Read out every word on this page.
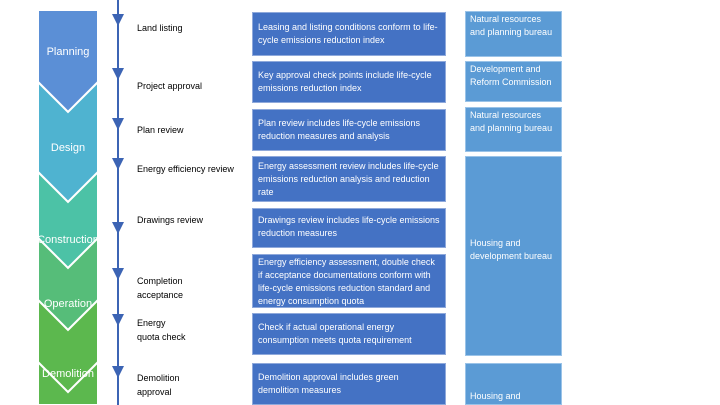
Planning
Design
Construction
Operation
Demolition
Land listing
Project approval
Plan review
Energy efficiency review
Drawings review
Completion acceptance
Energy quota check
Demolition approval
Leasing and listing conditions conform to life-cycle emissions reduction index
Key approval check points include life-cycle emissions reduction index
Plan review includes life-cycle emissions reduction measures and analysis
Energy assessment review includes life-cycle emissions reduction analysis and reduction rate
Drawings review includes life-cycle emissions reduction measures
Energy efficiency assessment, double check if acceptance documentations conform with life-cycle emissions reduction standard and energy consumption quota
Check if actual operational energy consumption meets quota requirement
Demolition approval includes green demolition measures
Natural resources and planning bureau
Development and Reform Commission
Natural resources and planning bureau
Housing and development bureau
Housing and
